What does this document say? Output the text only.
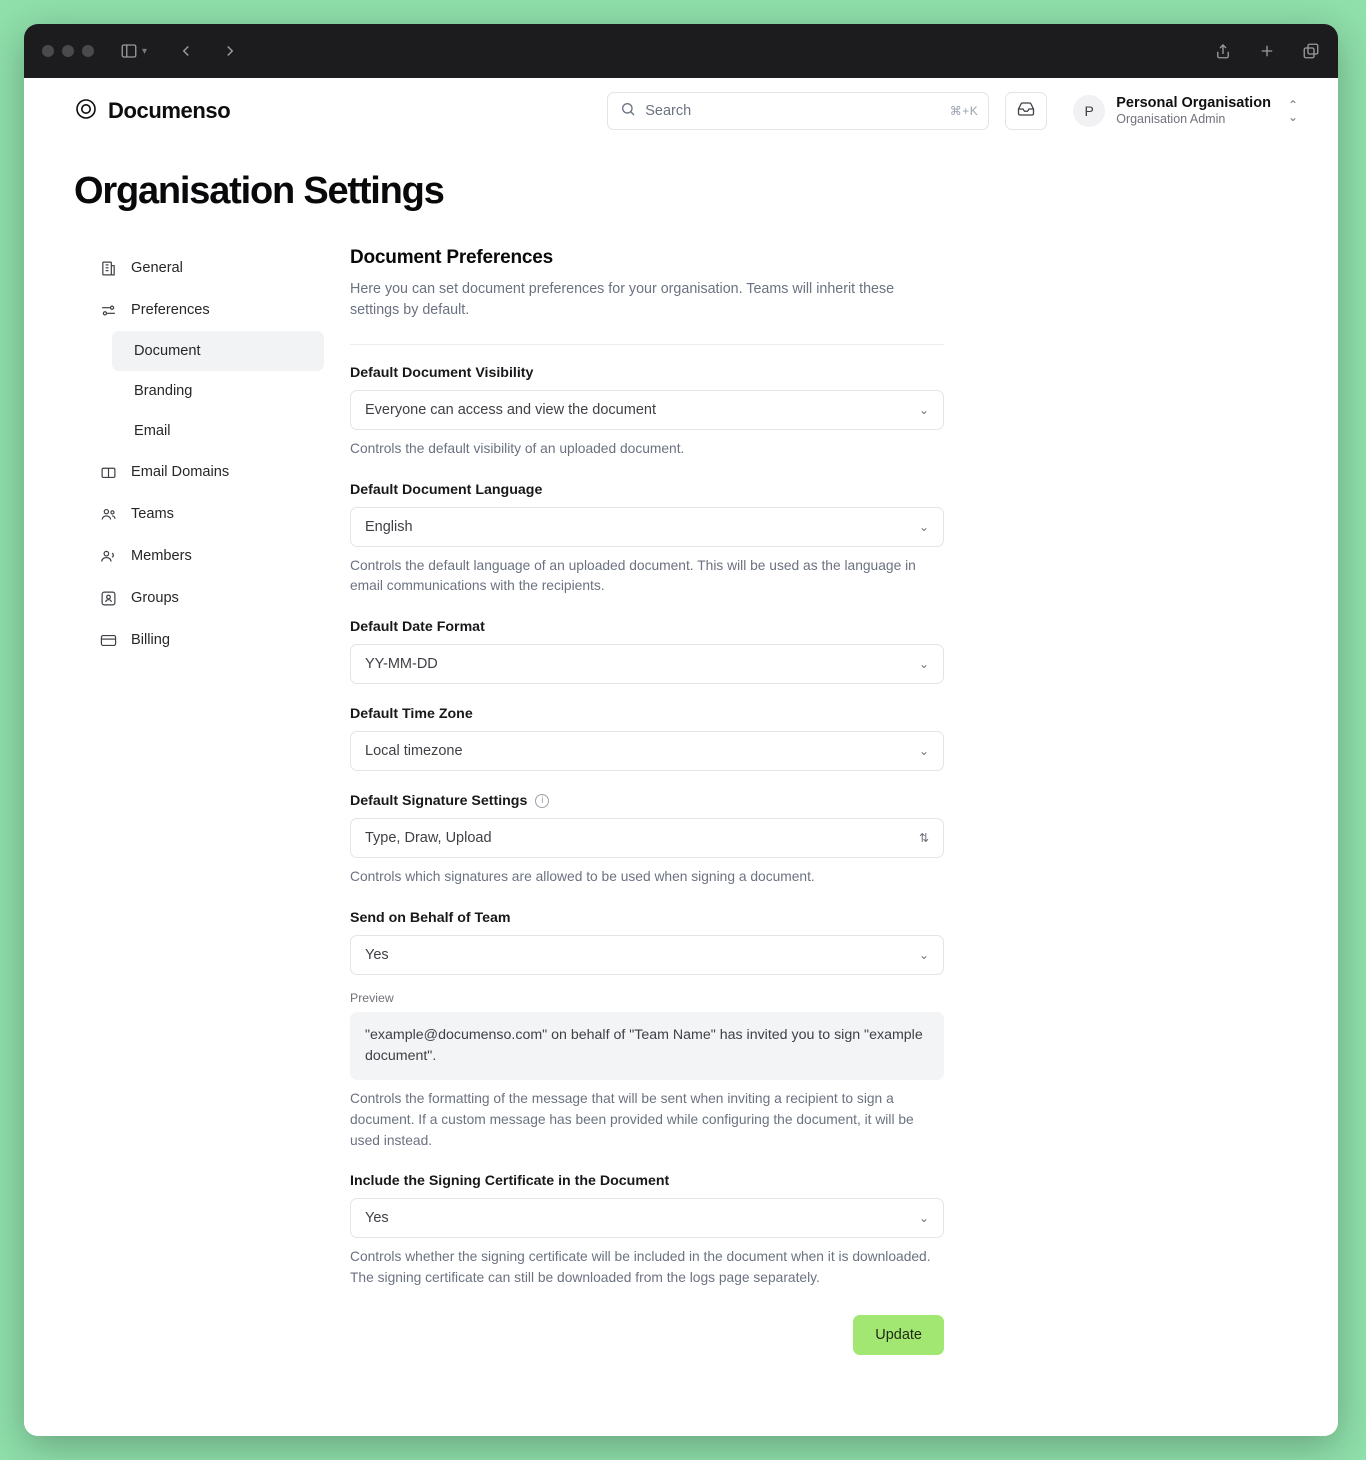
▾
Documenso	Search	⌘+K	P	Personal Organisation
Organisation Admin
⌃
⌄
Organisation Settings
General
Preferences
Document
Branding
Email
Email Domains
Teams
Members
Groups
Billing
Document Preferences
Here you can set document preferences for your organisation. Teams will inherit these settings by default.
Default Document Visibility
Everyone can access and view the document	⌄
Controls the default visibility of an uploaded document.
Default Document Language
English	⌄
Controls the default language of an uploaded document. This will be used as the language in email communications with the recipients.
Default Date Format
YY-MM-DD	⌄
Default Time Zone
Local timezone	⌄
Default Signature Settings	i
Type, Draw, Upload	⇅
Controls which signatures are allowed to be used when signing a document.
Send on Behalf of Team
Yes	⌄
Preview
"example@documenso.com" on behalf of "Team Name" has invited you to sign "example document".
Controls the formatting of the message that will be sent when inviting a recipient to sign a document. If a custom message has been provided while configuring the document, it will be used instead.
Include the Signing Certificate in the Document
Yes	⌄
Controls whether the signing certificate will be included in the document when it is downloaded. The signing certificate can still be downloaded from the logs page separately.
Update
